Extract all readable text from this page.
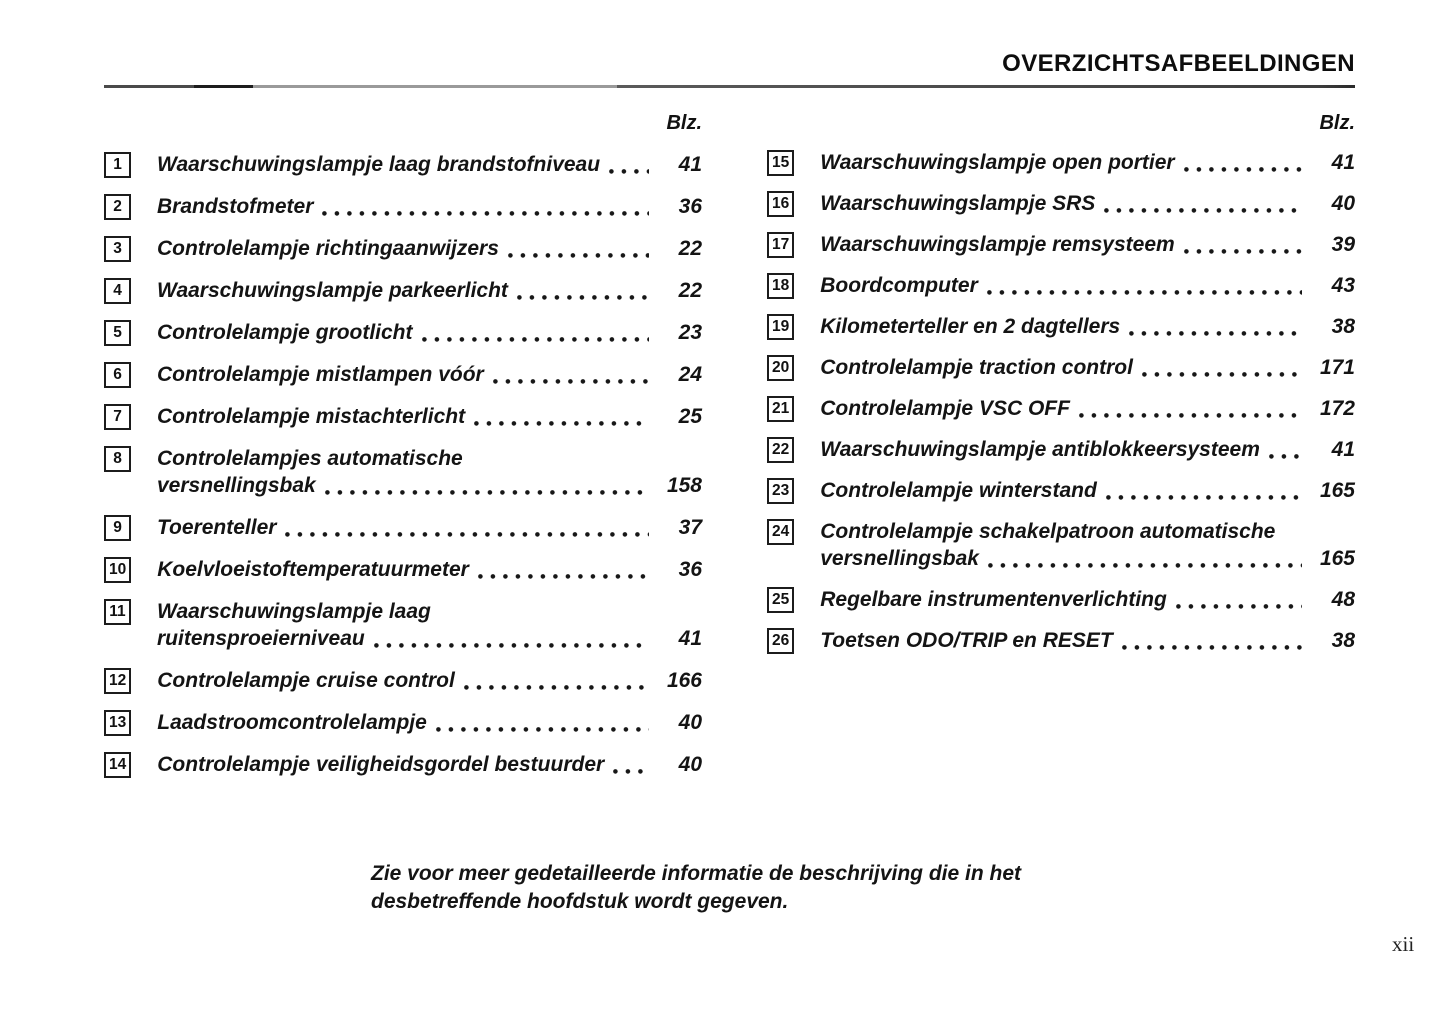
OVERZICHTSAFBEELDINGEN
Blz.
1	Waarschuwingslampje laag brandstofniveau	41
2	Brandstofmeter	36
3	Controlelampje richtingaanwijzers	22
4	Waarschuwingslampje parkeerlicht	22
5	Controlelampje grootlicht	23
6	Controlelampje mistlampen vóór	24
7	Controlelampje mistachterlicht	25
8	Controlelampjes automatische
versnellingsbak	158
9	Toerenteller	37
10 Koelvloeistoftemperatuurmeter	36
11 Waarschuwingslampje laag
ruitensproeierniveau	41
12 Controlelampje cruise control	166
13 Laadstroomcontrolelampje	40
14 Controlelampje veiligheidsgordel bestuurder	40
Blz.
15 Waarschuwingslampje open portier	41
16 Waarschuwingslampje SRS	40
17 Waarschuwingslampje remsysteem	39
18 Boordcomputer	43
19 Kilometerteller en 2 dagtellers	38
20 Controlelampje traction control	171
21 Controlelampje VSC OFF	172
22 Waarschuwingslampje antiblokkeersysteem	41
23 Controlelampje winterstand	165
24 Controlelampje schakelpatroon automatische
versnellingsbak	165
25 Regelbare instrumentenverlichting	48
26 Toetsen ODO/TRIP en RESET	38
Zie voor meer gedetailleerde informatie de beschrijving die in het
desbetreffende hoofdstuk wordt gegeven.
xii
